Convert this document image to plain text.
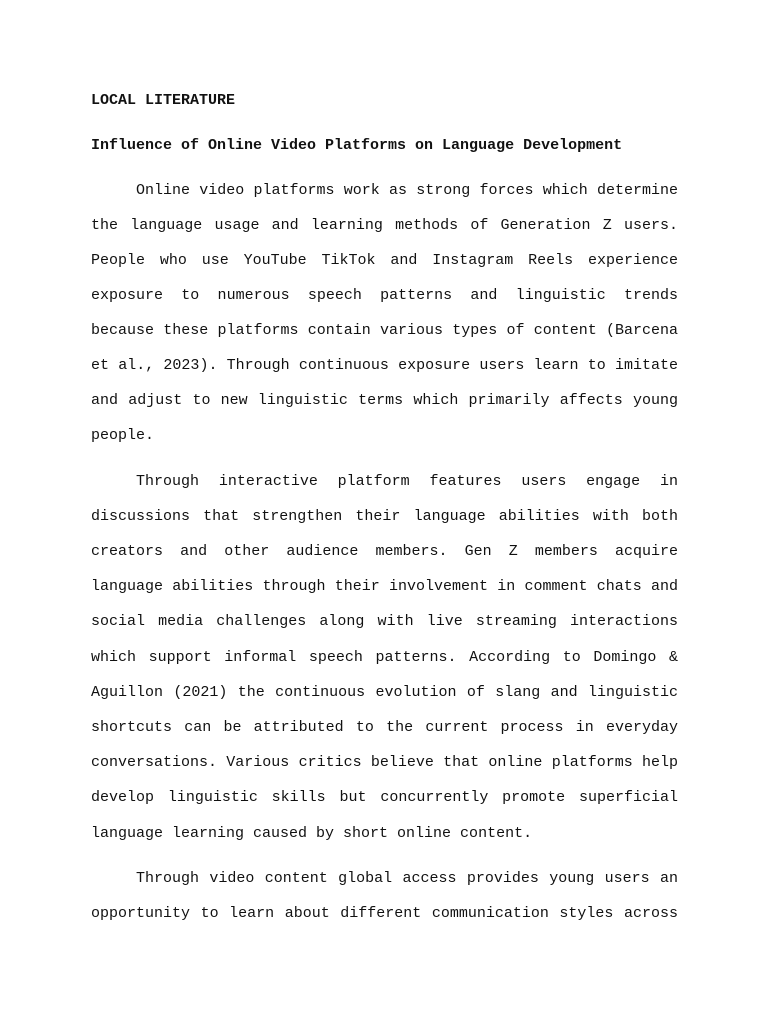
LOCAL LITERATURE
Influence of Online Video Platforms on Language Development
Online video platforms work as strong forces which determine
the language usage and learning methods of Generation Z users.
People who use YouTube TikTok and Instagram Reels experience
exposure to numerous speech patterns and linguistic trends
because these platforms contain various types of content (Barcena
et al., 2023). Through continuous exposure users learn to imitate
and adjust to new linguistic terms which primarily affects young
people.
Through interactive platform features users engage in
discussions that strengthen their language abilities with both
creators and other audience members. Gen Z members acquire
language abilities through their involvement in comment chats and
social media challenges along with live streaming interactions
which support informal speech patterns. According to Domingo &
Aguillon (2021) the continuous evolution of slang and linguistic
shortcuts can be attributed to the current process in everyday
conversations. Various critics believe that online platforms help
develop linguistic skills but concurrently promote superficial
language learning caused by short online content.
Through video content global access provides young users an
opportunity to learn about different communication styles across
